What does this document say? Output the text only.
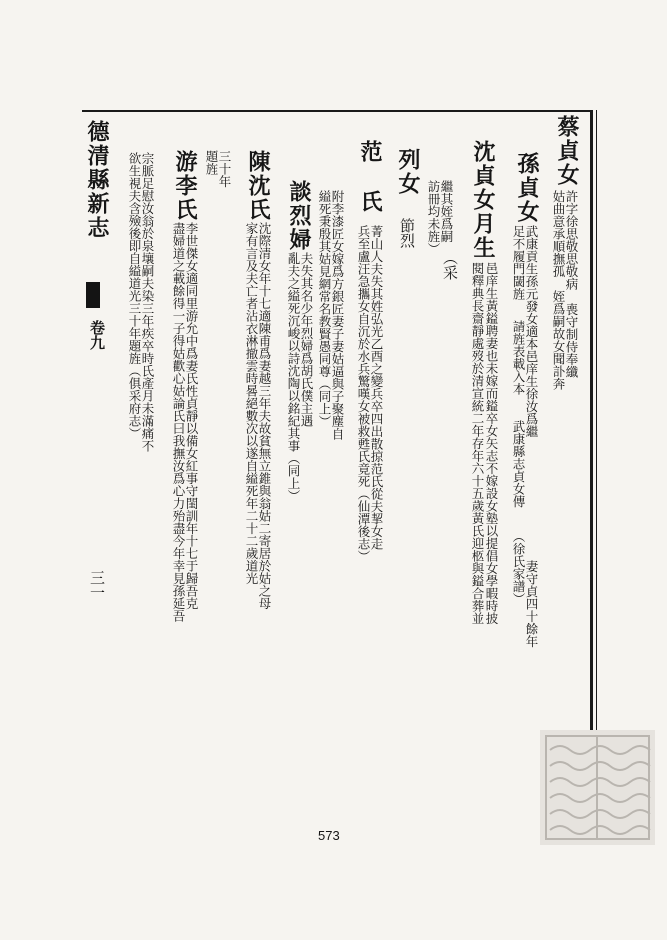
德清縣新志
卷九
三一
蔡貞女
許字徐思敬思敬病
姑曲意承順撫孤
喪守制侍奉纖
姪爲嗣故女聞訃奔
孫貞女
武康貢生孫元發女適本邑庠生徐汝爲繼
足不履門閾旌
請旌表載入本
妻守貞四十餘年
武康縣志貞女傳
（徐氏家譜）
沈貞女月生
邑庠生黃鎰聘妻也未嫁而鎰卒女矢志不嫁設女塾以提倡女學暇時披
閱釋典長齋靜處歿於清宣統二年存年六十五歲黃氏迎柩與鎰合葬並
繼其姪爲嗣
（采
訪冊均未旌）
列女
節烈
范
氏
菁山人夫失其姓弘光乙酉之變兵卒四出散掠范氏從夫挈女走
兵至盧汪急攜女自沉於水兵驚嘆女被救甦氏竟死（仙潭後志）
附李漆匠女嫁爲方銀匠妻子妻姑逼與子聚塵自
縊死秉殷其姑見網常名教賢愚同尊（同上）
談烈婦
夫失其名少年烈婦爲胡氏僕主遇
亂夫之縊死沉峻以詩沈陶以銘紀其事（同上）
陳沈氏
沈際清女年十七適陳甫爲妻越三年夫故貧無立錐與翁姑二寄居於姑之母
家有言及夫亡者沾衣淋撤雲時晷絕數次以遂自縊死年二十二歲道光
三十年
題旌
游李氏
李世傑女適同里游允中爲妻氏性貞靜以備女紅事守閨訓年十七于歸吾克
盡婦道之載餘得一子得姑歡心姑論氏曰我撫汝爲心力殆盡今年幸見孫延吾
宗脈足慰汝翁於泉壤嗣夫染三年疾卒時氏產月未滿痛不
欲生視夫含殮後即自縊道光三十年題旌（俱采府志）
573
